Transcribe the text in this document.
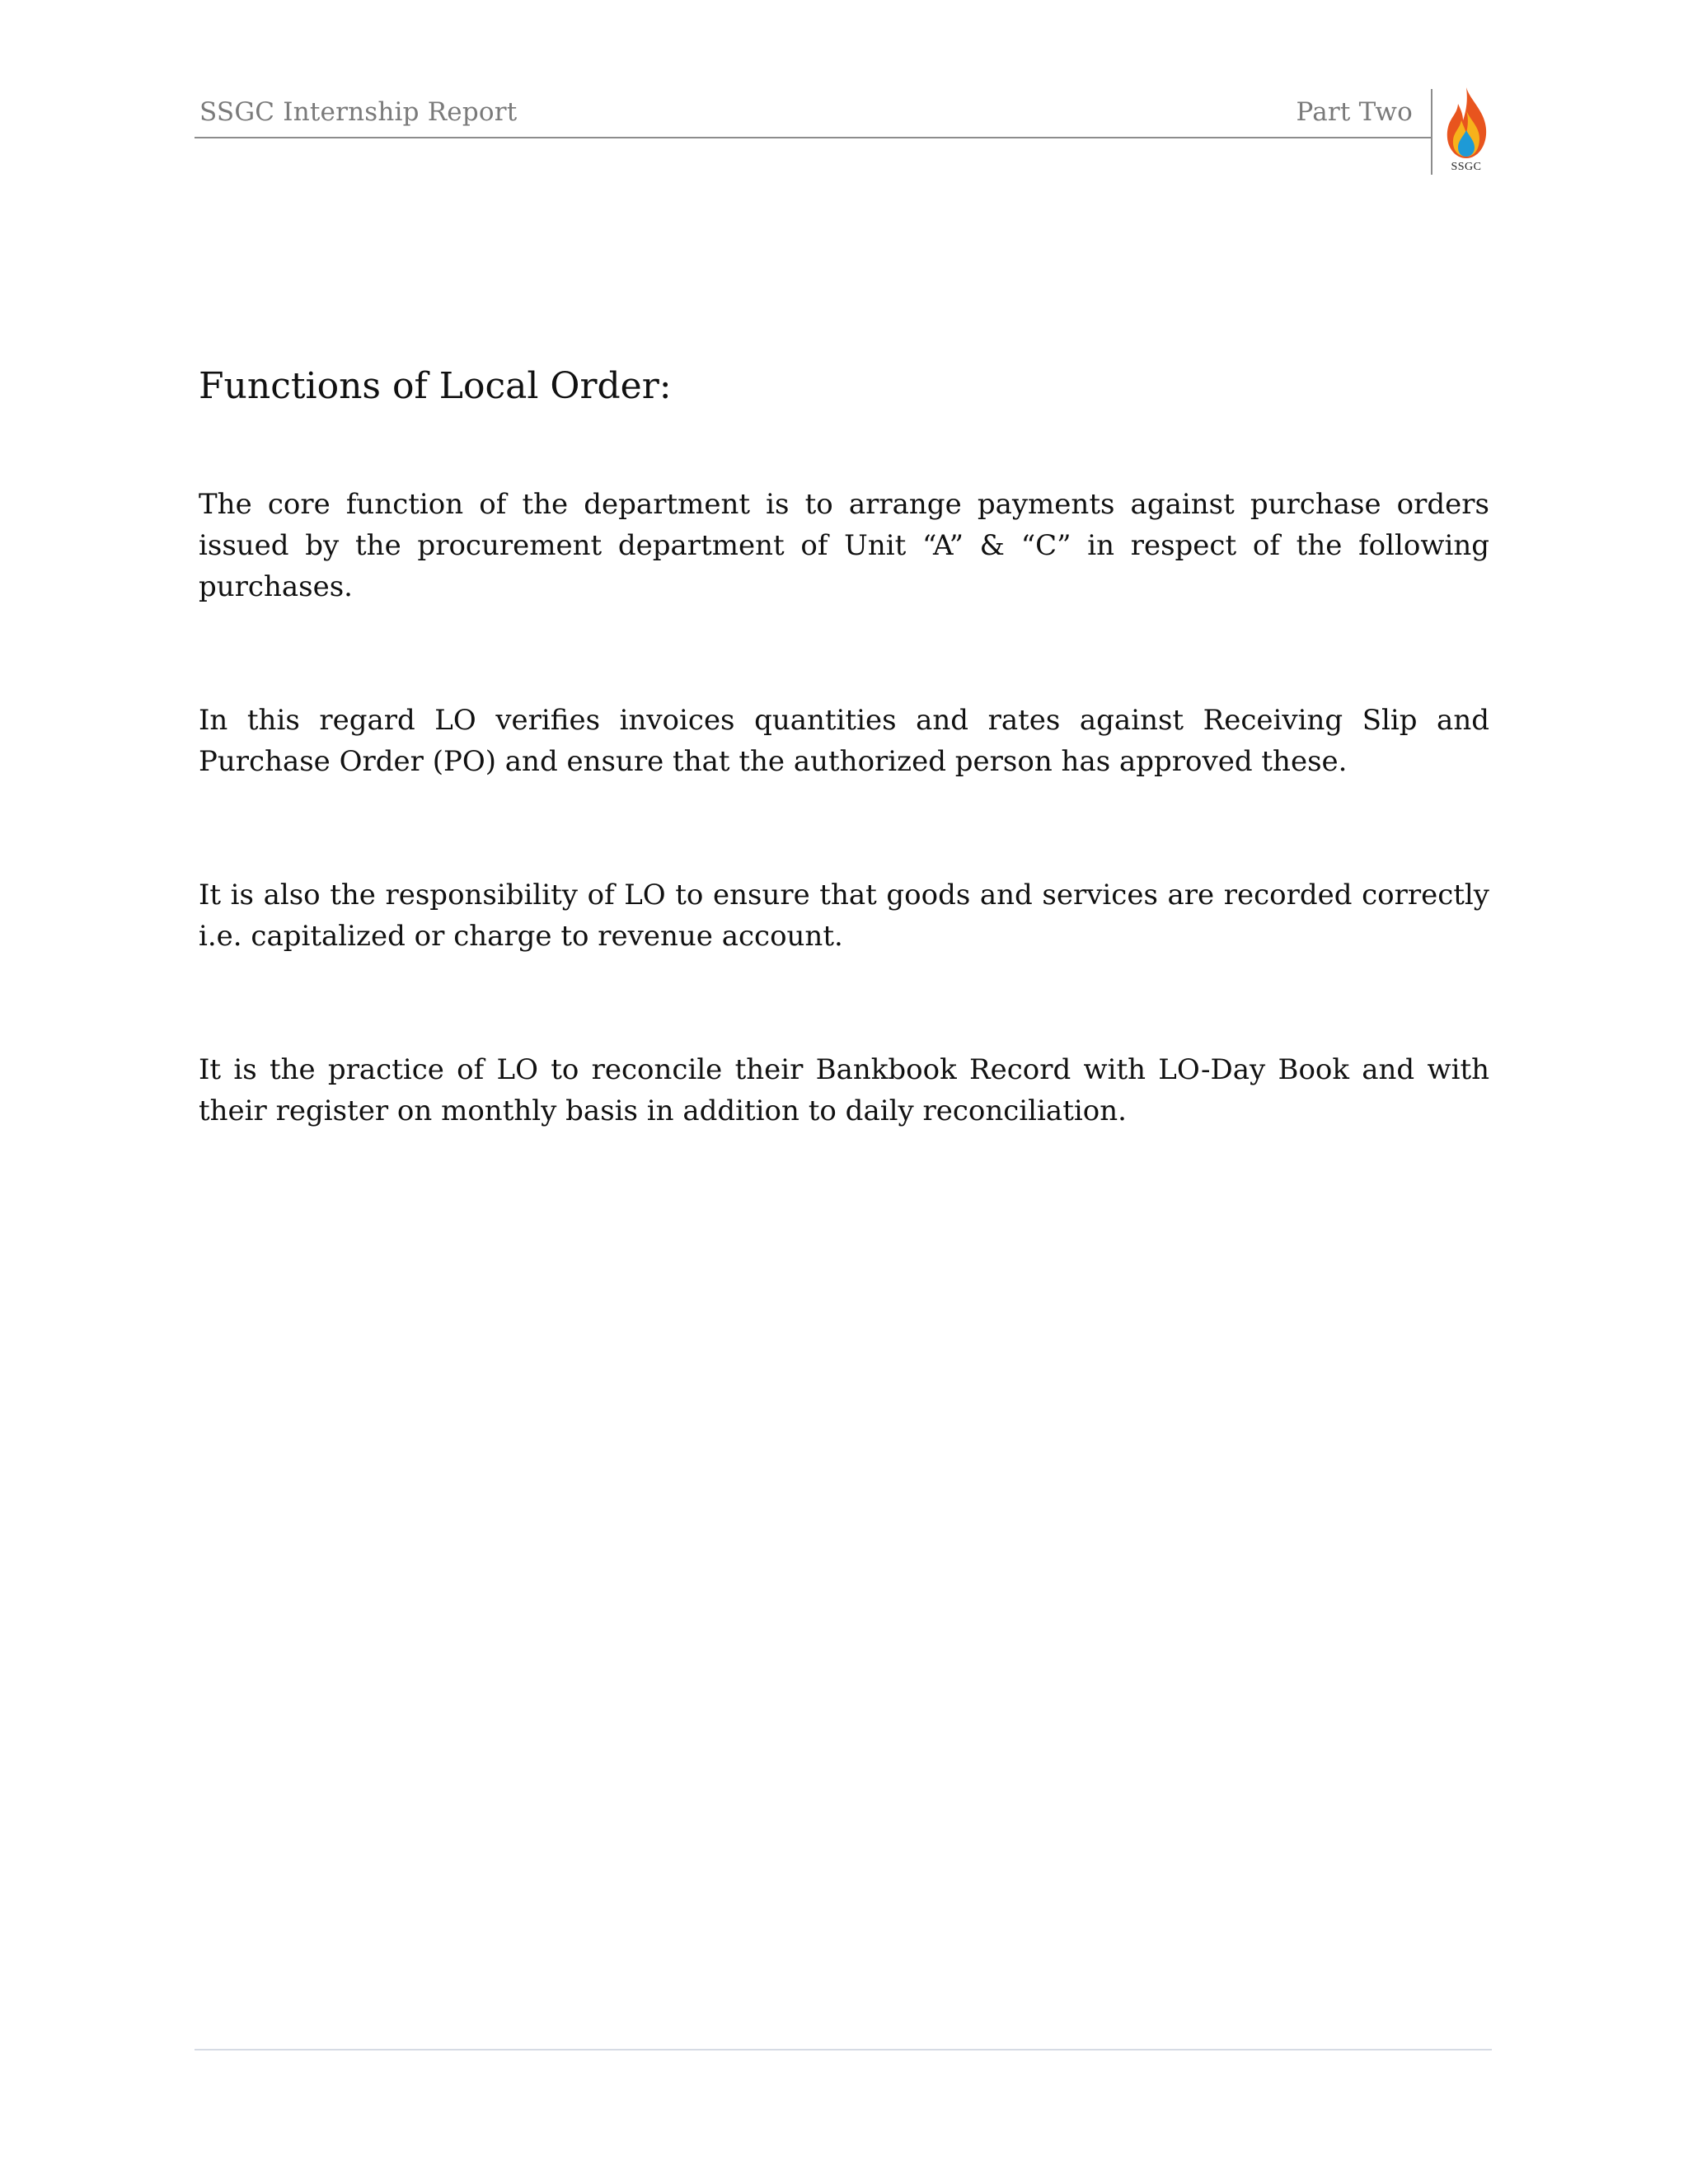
SSGC Internship Report	Part Two
SSGC
Functions of Local Order:

The core function of the department is to arrange payments against purchase orders issued by the procurement department of Unit “A” & “C” in respect of the following purchases.

In this regard LO verifies invoices quantities and rates against Receiving Slip and Purchase Order (PO) and ensure that the authorized person has approved these.

It is also the responsibility of LO to ensure that goods and services are recorded correctly i.e. capitalized or charge to revenue account.

It is the practice of LO to reconcile their Bankbook Record with LO-Day Book and with their register on monthly basis in addition to daily reconciliation.
